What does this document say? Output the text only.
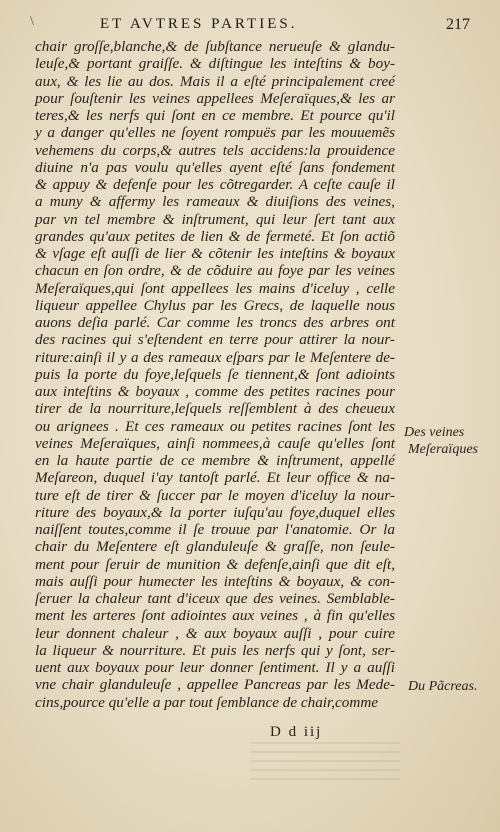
\	ET AVTRES PARTIES.	217
chair groſſe,blanche,& de ſubſtance nerueuſe & glandu-
leuſe,& portant graiſſe. & diſtingue les inteſtins & boy-
aux, & les lie au dos. Mais il a eſté principalement creé
pour ſouſtenir les veines appellees Meſeraïques,& les ar
teres,& les nerfs qui ſont en ce membre. Et pource qu'il
y a danger qu'elles ne ſoyent rompuës par les mouuemẽs
vehemens du corps,& autres tels accidens:la prouidence
diuine n'a pas voulu qu'elles ayent eſté ſans fondement
& appuy & defenſe pour les cõtregarder. A ceſte cauſe il
a muny & affermy les rameaux & diuiſions des veines,
par vn tel membre & inſtrument, qui leur ſert tant aux
grandes qu'aux petites de lien & de fermeté. Et ſon actiõ
& vſage eſt auſſi de lier & cõtenir les inteſtins & boyaux
chacun en ſon ordre, & de cõduire au foye par les veines
Meſeraïques,qui ſont appellees les mains d'iceluy , celle
liqueur appellee Chylus par les Grecs, de laquelle nous
auons deſia parlé. Car comme les troncs des arbres ont
des racines qui s'eſtendent en terre pour attirer la nour-
riture:ainſi il y a des rameaux eſpars par le Meſentere de-
puis la porte du foye,leſquels ſe tiennent,& ſont adioints
aux inteſtins & boyaux , comme des petites racines pour
tirer de la nourriture,leſquels reſſemblent à des cheueux
ou arignees . Et ces rameaux ou petites racines ſont les
veines Meſeraïques, ainſi nommees,à cauſe qu'elles ſont
en la haute partie de ce membre & inſtrument, appellé
Meſareon, duquel i'ay tantoſt parlé. Et leur office & na-
ture eſt de tirer & ſuccer par le moyen d'iceluy la nour-
riture des boyaux,& la porter iuſqu'au foye,duquel elles
naiſſent toutes,comme il ſe trouue par l'anatomie. Or la
chair du Meſentere eſt glanduleuſe & graſſe, non ſeule-
ment pour ſeruir de munition & defenſe,ainſi que dit eſt,
mais auſſi pour humecter les inteſtins & boyaux, & con-
ſeruer la chaleur tant d'iceux que des veines. Semblable-
ment les arteres ſont adiointes aux veines , à fin qu'elles
leur donnent chaleur , & aux boyaux auſſi , pour cuire
la liqueur & nourriture. Et puis les nerfs qui y ſont, ser-
uent aux boyaux pour leur donner ſentiment. Il y a auſſi
vne chair glanduleuſe , appellee Pancreas par les Mede-
cins,pource qu'elle a par tout ſemblance de chair,comme
Des veines
Meſeraïques
Du Pãcreas.
D d iij
